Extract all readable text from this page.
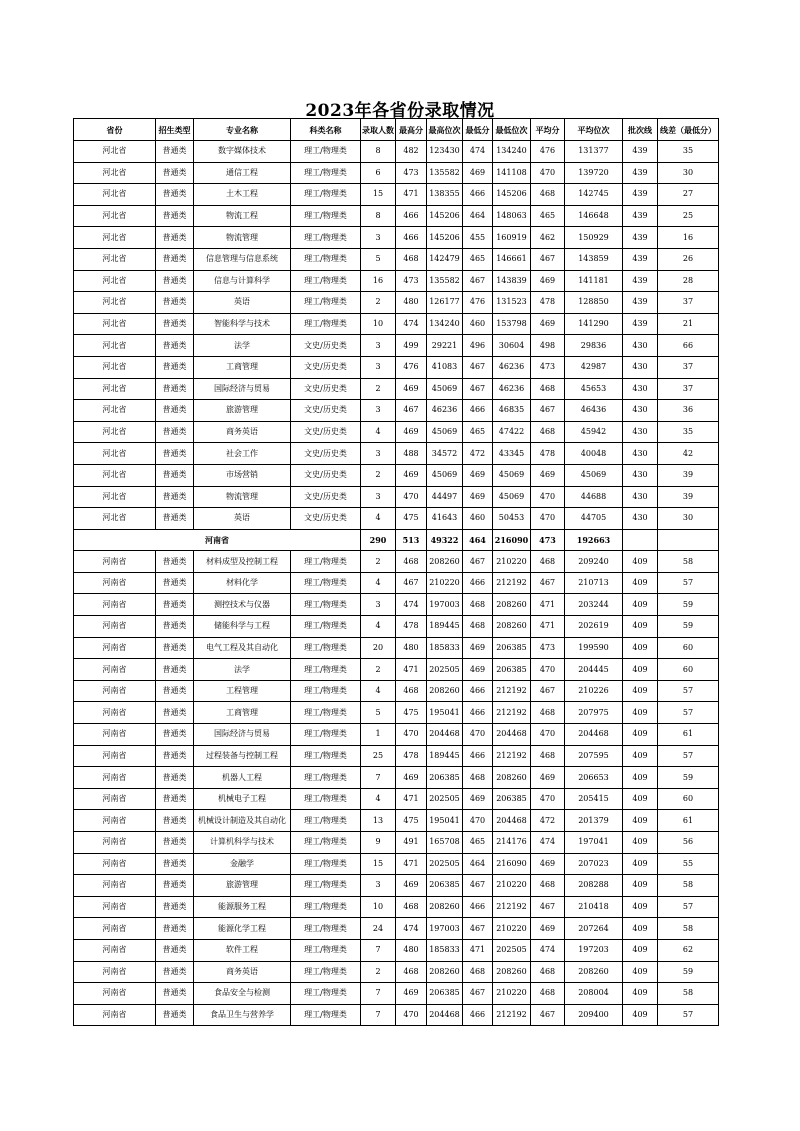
2023年各省份录取情况
省份	招生类型	专业名称	科类名称	录取人数	最高分	最高位次	最低分	最低位次	平均分	平均位次	批次线	线差（最低分）
河北省	普通类	数字媒体技术	理工/物理类	8	482	123430	474	134240	476	131377	439	35
河北省	普通类	通信工程	理工/物理类	6	473	135582	469	141108	470	139720	439	30
河北省	普通类	土木工程	理工/物理类	15	471	138355	466	145206	468	142745	439	27
河北省	普通类	物流工程	理工/物理类	8	466	145206	464	148063	465	146648	439	25
河北省	普通类	物流管理	理工/物理类	3	466	145206	455	160919	462	150929	439	16
河北省	普通类	信息管理与信息系统	理工/物理类	5	468	142479	465	146661	467	143859	439	26
河北省	普通类	信息与计算科学	理工/物理类	16	473	135582	467	143839	469	141181	439	28
河北省	普通类	英语	理工/物理类	2	480	126177	476	131523	478	128850	439	37
河北省	普通类	智能科学与技术	理工/物理类	10	474	134240	460	153798	469	141290	439	21
河北省	普通类	法学	文史/历史类	3	499	29221	496	30604	498	29836	430	66
河北省	普通类	工商管理	文史/历史类	3	476	41083	467	46236	473	42987	430	37
河北省	普通类	国际经济与贸易	文史/历史类	2	469	45069	467	46236	468	45653	430	37
河北省	普通类	旅游管理	文史/历史类	3	467	46236	466	46835	467	46436	430	36
河北省	普通类	商务英语	文史/历史类	4	469	45069	465	47422	468	45942	430	35
河北省	普通类	社会工作	文史/历史类	3	488	34572	472	43345	478	40048	430	42
河北省	普通类	市场营销	文史/历史类	2	469	45069	469	45069	469	45069	430	39
河北省	普通类	物流管理	文史/历史类	3	470	44497	469	45069	470	44688	430	39
河北省	普通类	英语	文史/历史类	4	475	41643	460	50453	470	44705	430	30
河南省				290	513	49322	464	216090	473	192663		
河南省	普通类	材料成型及控制工程	理工/物理类	2	468	208260	467	210220	468	209240	409	58
河南省	普通类	材料化学	理工/物理类	4	467	210220	466	212192	467	210713	409	57
河南省	普通类	测控技术与仪器	理工/物理类	3	474	197003	468	208260	471	203244	409	59
河南省	普通类	储能科学与工程	理工/物理类	4	478	189445	468	208260	471	202619	409	59
河南省	普通类	电气工程及其自动化	理工/物理类	20	480	185833	469	206385	473	199590	409	60
河南省	普通类	法学	理工/物理类	2	471	202505	469	206385	470	204445	409	60
河南省	普通类	工程管理	理工/物理类	4	468	208260	466	212192	467	210226	409	57
河南省	普通类	工商管理	理工/物理类	5	475	195041	466	212192	468	207975	409	57
河南省	普通类	国际经济与贸易	理工/物理类	1	470	204468	470	204468	470	204468	409	61
河南省	普通类	过程装备与控制工程	理工/物理类	25	478	189445	466	212192	468	207595	409	57
河南省	普通类	机器人工程	理工/物理类	7	469	206385	468	208260	469	206653	409	59
河南省	普通类	机械电子工程	理工/物理类	4	471	202505	469	206385	470	205415	409	60
河南省	普通类	机械设计制造及其自动化	理工/物理类	13	475	195041	470	204468	472	201379	409	61
河南省	普通类	计算机科学与技术	理工/物理类	9	491	165708	465	214176	474	197041	409	56
河南省	普通类	金融学	理工/物理类	15	471	202505	464	216090	469	207023	409	55
河南省	普通类	旅游管理	理工/物理类	3	469	206385	467	210220	468	208288	409	58
河南省	普通类	能源服务工程	理工/物理类	10	468	208260	466	212192	467	210418	409	57
河南省	普通类	能源化学工程	理工/物理类	24	474	197003	467	210220	469	207264	409	58
河南省	普通类	软件工程	理工/物理类	7	480	185833	471	202505	474	197203	409	62
河南省	普通类	商务英语	理工/物理类	2	468	208260	468	208260	468	208260	409	59
河南省	普通类	食品安全与检测	理工/物理类	7	469	206385	467	210220	468	208004	409	58
河南省	普通类	食品卫生与营养学	理工/物理类	7	470	204468	466	212192	467	209400	409	57
